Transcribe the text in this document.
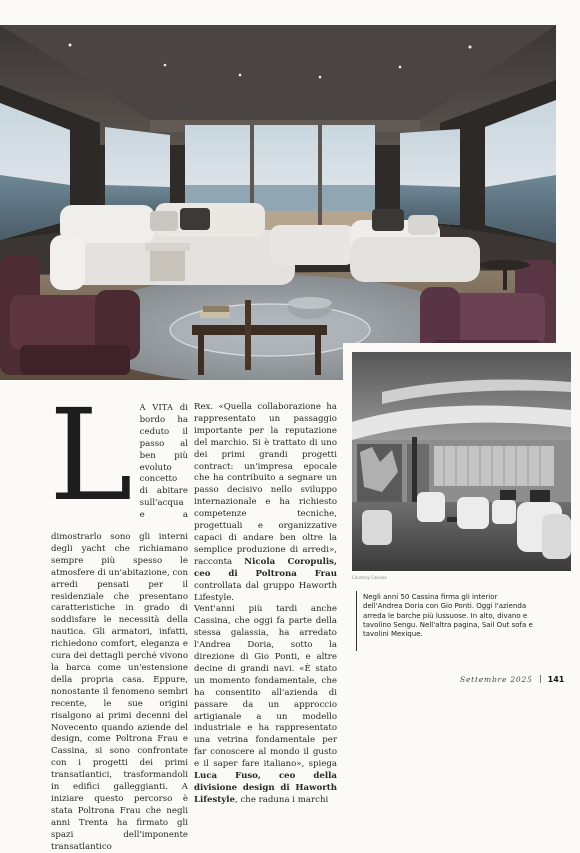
Courtesy Cassina
LA VITA di bordo ha ceduto il passo al ben più evoluto concetto di abitare sull'acqua e a dimostrarlo sono gli interni degli yacht che richiamano sempre più spesso le atmosfere di un'abitazione, con arredi pensati per il residenziale che presentano caratteristiche in grado di soddisfare le necessità della nautica. Gli armatori, infatti, richiedono comfort, eleganza e cura dei dettagli perché vivono la barca come un'estensione della propria casa. Eppure, nonostante il fenomeno sembri recente, le sue origini risalgono ai primi decenni del Novecento quando aziende del design, come Poltrona Frau e Cassina, si sono confrontate con i progetti dei primi transatlantici, trasformandoli in edifici galleggianti. A iniziare questo percorso è stata Poltrona Frau che negli anni Trenta ha firmato gli spazi dell'imponente transatlantico

Rex. «Quella collaborazione ha rappresentato un passaggio importante per la reputazione del marchio. Si è trattato di uno dei primi grandi progetti contract: un'impresa epocale che ha contribuito a segnare un passo decisivo nello sviluppo internazionale e ha richiesto competenze tecniche, progettuali e organizzative capaci di andare ben oltre la semplice produzione di arredi», racconta Nicola Coropulis, ceo di Poltrona Frau controllata dal gruppo Haworth Lifestyle.

Vent'anni più tardi anche Cassina, che oggi fa parte della stessa galassia, ha arredato l'Andrea Doria, sotto la direzione di Gio Ponti, e altre decine di grandi navi. «È stato un momento fondamentale, che ha consentito all'azienda di passare da un approccio artigianale a un modello industriale e ha rappresentato una vetrina fondamentale per far conoscere al mondo il gusto e il saper fare italiano», spiega Luca Fuso, ceo della divisione design di Haworth Lifestyle, che raduna i marchi

Negli anni 50 Cassina firma gli interior dell'Andrea Doria con Gio Ponti. Oggi l'azienda arreda le barche più lussuose. In alto, divano e tavolino Sengu. Nell'altra pagina, Sail Out sofa e tavolini Mexique.
Settembre 2025 141
